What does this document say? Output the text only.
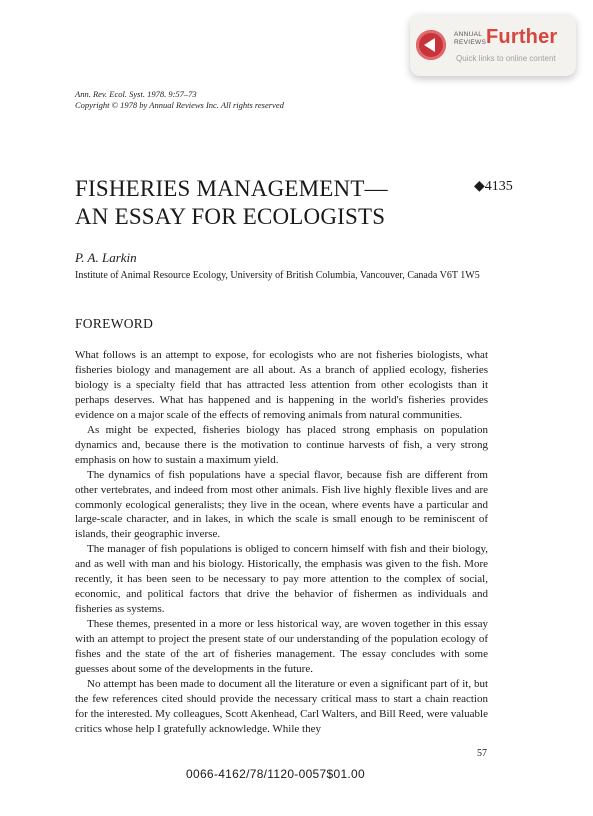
ANNUAL REVIEWS Further
Quick links to online content
Ann. Rev. Ecol. Syst. 1978. 9:57–73
Copyright © 1978 by Annual Reviews Inc. All rights reserved
FISHERIES MANAGEMENT—
AN ESSAY FOR ECOLOGISTS
◆4135
P. A. Larkin
Institute of Animal Resource Ecology, University of British Columbia, Vancouver, Canada V6T 1W5
FOREWORD

What follows is an attempt to expose, for ecologists who are not fisheries biologists, what fisheries biology and management are all about. As a branch of applied ecology, fisheries biology is a specialty field that has attracted less attention from other ecologists than it perhaps deserves. What has happened and is happening in the world's fisheries provides evidence on a major scale of the effects of removing animals from natural communities.

As might be expected, fisheries biology has placed strong emphasis on population dynamics and, because there is the motivation to continue harvests of fish, a very strong emphasis on how to sustain a maximum yield.

The dynamics of fish populations have a special flavor, because fish are different from other vertebrates, and indeed from most other animals. Fish live highly flexible lives and are commonly ecological generalists; they live in the ocean, where events have a particular and large-scale character, and in lakes, in which the scale is small enough to be reminiscent of islands, their geographic inverse.

The manager of fish populations is obliged to concern himself with fish and their biology, and as well with man and his biology. Historically, the emphasis was given to the fish. More recently, it has been seen to be necessary to pay more attention to the complex of social, economic, and political factors that drive the behavior of fishermen as individuals and fisheries as systems.

These themes, presented in a more or less historical way, are woven together in this essay with an attempt to project the present state of our understanding of the population ecology of fishes and the state of the art of fisheries management. The essay concludes with some guesses about some of the developments in the future.

No attempt has been made to document all the literature or even a significant part of it, but the few references cited should provide the necessary critical mass to start a chain reaction for the interested. My colleagues, Scott Akenhead, Carl Walters, and Bill Reed, were valuable critics whose help I gratefully acknowledge. While they

57
0066-4162/78/1120-0057$01.00
